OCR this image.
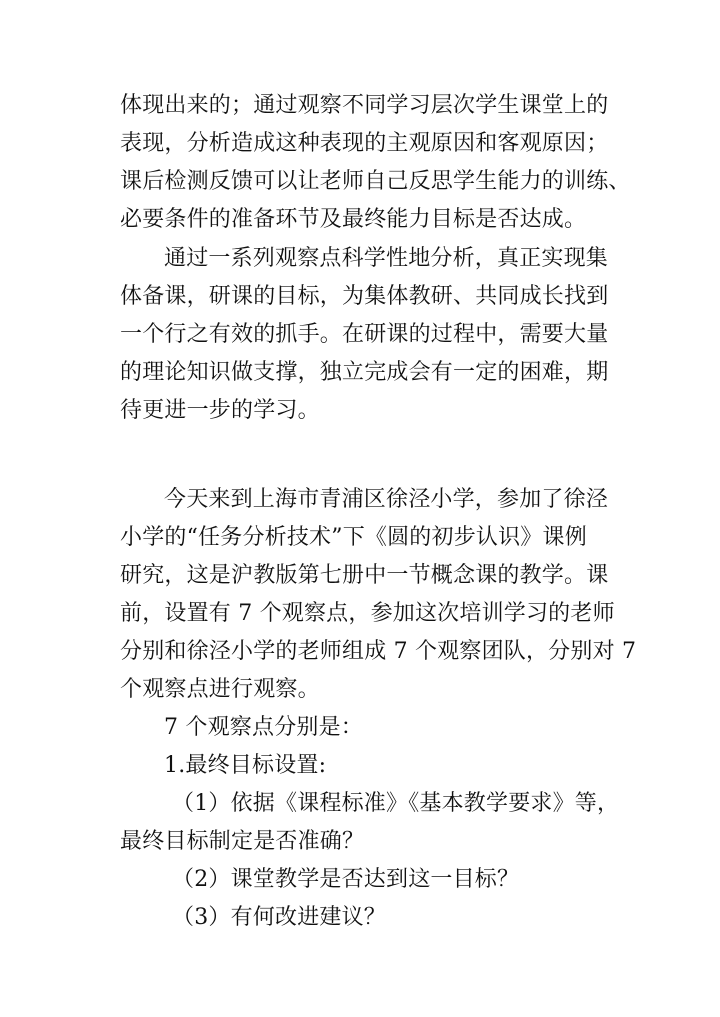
体现出来的；通过观察不同学习层次学生课堂上的
表现，分析造成这种表现的主观原因和客观原因；
课后检测反馈可以让老师自己反思学生能力的训练、
必要条件的准备环节及最终能力目标是否达成。
通过一系列观察点科学性地分析，真正实现集
体备课，研课的目标，为集体教研、共同成长找到
一个行之有效的抓手。在研课的过程中，需要大量
的理论知识做支撑，独立完成会有一定的困难，期
待更进一步的学习。
今天来到上海市青浦区徐泾小学，参加了徐泾
小学的“任务分析技术”下《圆的初步认识》课例
研究，这是沪教版第七册中一节概念课的教学。课
前，设置有 7 个观察点，参加这次培训学习的老师
分别和徐泾小学的老师组成 7 个观察团队，分别对 7
个观察点进行观察。
7 个观察点分别是：
1.最终目标设置:
（1）依据《课程标准》《基本教学要求》等，
最终目标制定是否准确？
（2）课堂教学是否达到这一目标？
（3）有何改进建议？
